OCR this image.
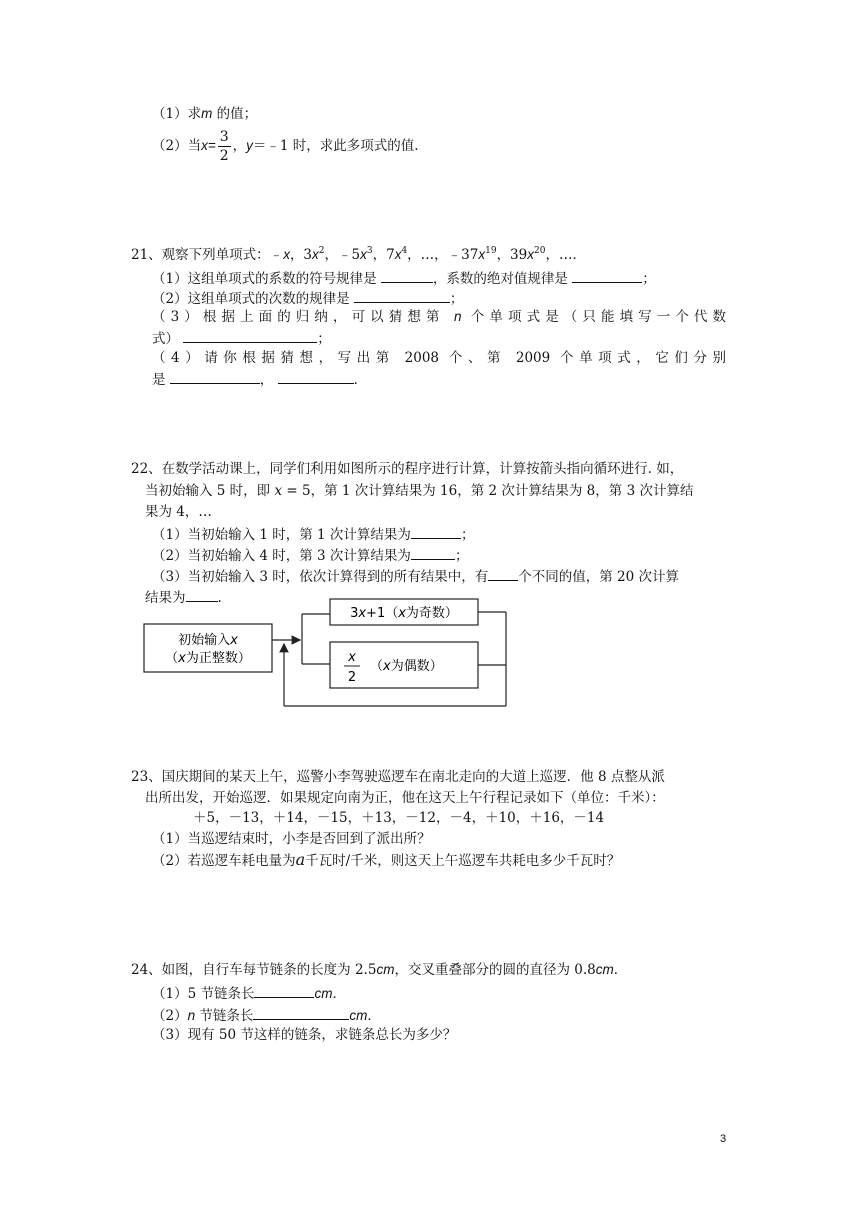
（1）求m 的值；
（2）当$x= \frac{3}{2}$ ，y＝﹣1 时，求此多项式的值.
21、观察下列单项式：﹣x，$3x^2$，$﹣5x^3$，$7x^4$，…，$﹣37x^{19}$，$39x^{20}$，…．
（1）这组单项式的系数的符号规律是	，系数的绝对值规律是	；
（2）这组单项式的次数的规律是	；
（3）根据上面的归纳，可以猜想第 n 个单项式是（只能填写一个代数
式）	；
（4）请你根据猜想，写出第 2008 个、第 2009 个单项式，它们分别
是	，	．
22、在数学活动课上，同学们利用如图所示的程序进行计算，计算按箭头指向循环进行. 如，
当初始输入 5 时，即 x = 5，第 1 次计算结果为 16，第 2 次计算结果为 8，第 3 次计算结
果为 4，…
（1）当初始输入 1 时，第 1 次计算结果为	；
（2）当初始输入 4 时，第 3 次计算结果为	；
（3）当初始输入 3 时，依次计算得到的所有结果中，有 个不同的值，第 20 次计算
结果为 .
初始输入x
（x为正整数）
3x+1（x为奇数）
x
2
（x为偶数）
23、国庆期间的某天上午，巡警小李驾驶巡逻车在南北走向的大道上巡逻．他 8 点整从派
出所出发，开始巡逻．如果规定向南为正，他在这天上午行程记录如下（单位：千米）：
＋5，－13，＋14，－15，＋13，－12，－4，＋10，＋16，－14
（1）当巡逻结束时，小李是否回到了派出所？
（2）若巡逻车耗电量为a千瓦时/千米，则这天上午巡逻车共耗电多少千瓦时？
24、如图，自行车每节链条的长度为 2.5cm，交叉重叠部分的圆的直径为 0.8cm．
（1）5 节链条长	cm．
（2）n 节链条长	cm．
（3）现有 50 节这样的链条，求链条总长为多少？
3
